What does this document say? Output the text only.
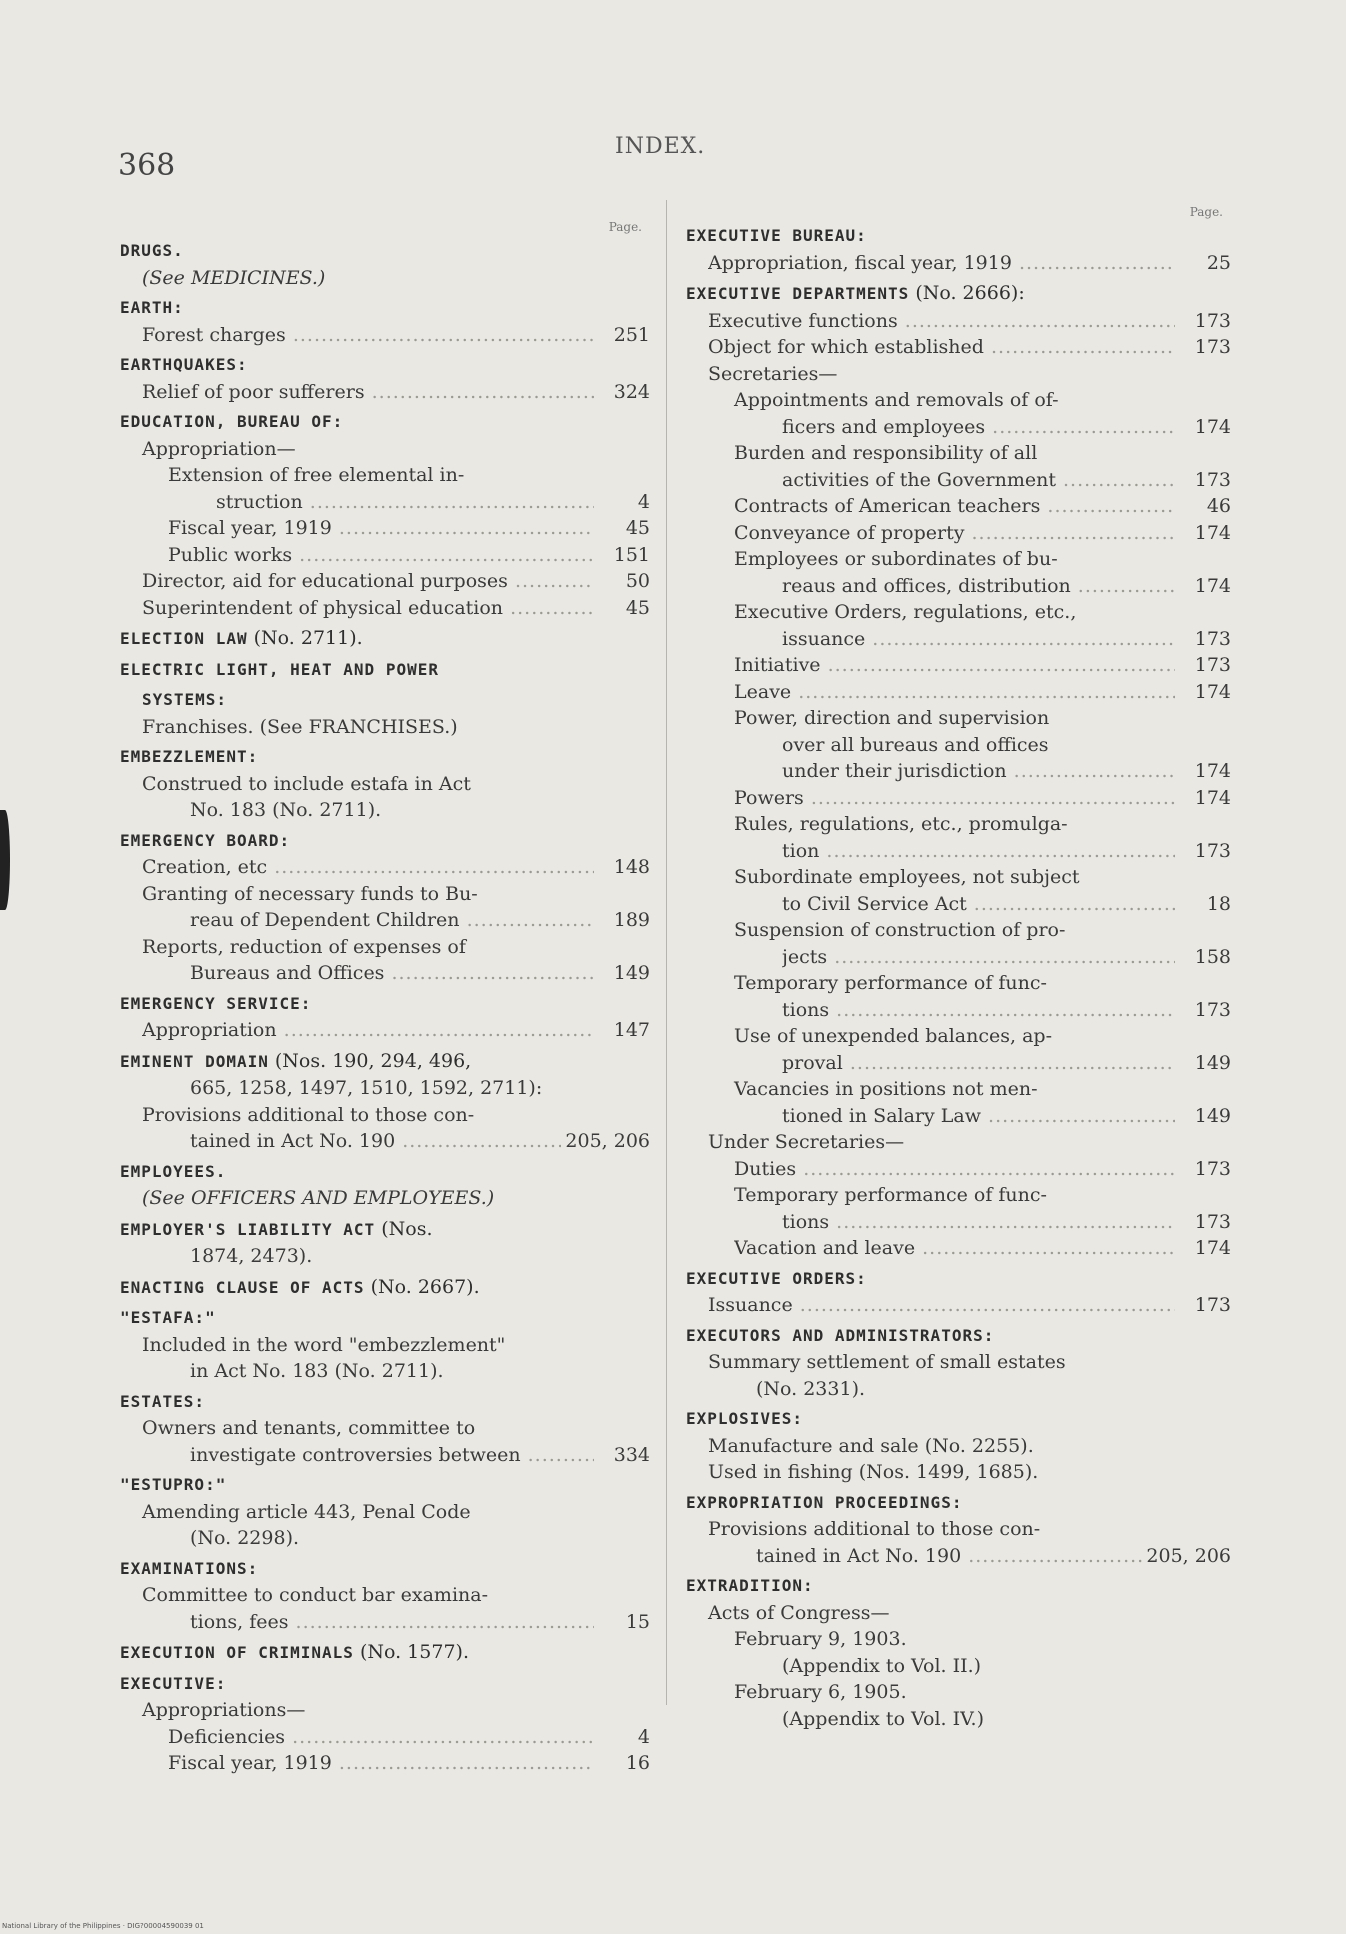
368
INDEX.
Page.
DRUGS.
(See MEDICINES.)
EARTH:
Forest charges .....	251
EARTHQUAKES:
Relief of poor sufferers .....	324
EDUCATION, BUREAU OF:
Appropriation—
Extension of free elemental in-
struction .....	4
Fiscal year, 1919 .....	45
Public works .....	151
Director, aid for educational purposes .....	50
Superintendent of physical education .....	45
ELECTION LAW (No. 2711).
ELECTRIC LIGHT, HEAT AND POWER
SYSTEMS:
Franchises. (See FRANCHISES.)
EMBEZZLEMENT:
Construed to include estafa in Act
No. 183 (No. 2711).
EMERGENCY BOARD:
Creation, etc .....	148
Granting of necessary funds to Bu-
reau of Dependent Children .....	189
Reports, reduction of expenses of
Bureaus and Offices .....	149
EMERGENCY SERVICE:
Appropriation .....	147
EMINENT DOMAIN (Nos. 190, 294, 496,
665, 1258, 1497, 1510, 1592, 2711):
Provisions additional to those con-
tained in Act No. 190 .....	205, 206
EMPLOYEES.
(See OFFICERS AND EMPLOYEES.)
EMPLOYER'S LIABILITY ACT (Nos.
1874, 2473).
ENACTING CLAUSE OF ACTS (No. 2667).
"ESTAFA:"
Included in the word "embezzlement"
in Act No. 183 (No. 2711).
ESTATES:
Owners and tenants, committee to
investigate controversies between .....	334
"ESTUPRO:"
Amending article 443, Penal Code
(No. 2298).
EXAMINATIONS:
Committee to conduct bar examina-
tions, fees .....	15
EXECUTION OF CRIMINALS (No. 1577).
EXECUTIVE:
Appropriations—
Deficiencies .....	4
Fiscal year, 1919 .....	16
Page.
EXECUTIVE BUREAU:
Appropriation, fiscal year, 1919 .....	25
EXECUTIVE DEPARTMENTS (No. 2666):
Executive functions .....	173
Object for which established .....	173
Secretaries—
Appointments and removals of of-
ficers and employees .....	174
Burden and responsibility of all
activities of the Government .....	173
Contracts of American teachers .....	46
Conveyance of property .....	174
Employees or subordinates of bu-
reaus and offices, distribution .....	174
Executive Orders, regulations, etc.,
issuance .....	173
Initiative .....	173
Leave .....	174
Power, direction and supervision
over all bureaus and offices
under their jurisdiction .....	174
Powers .....	174
Rules, regulations, etc., promulga-
tion .....	173
Subordinate employees, not subject
to Civil Service Act .....	18
Suspension of construction of pro-
jects .....	158
Temporary performance of func-
tions .....	173
Use of unexpended balances, ap-
proval .....	149
Vacancies in positions not men-
tioned in Salary Law .....	149
Under Secretaries—
Duties .....	173
Temporary performance of func-
tions .....	173
Vacation and leave .....	174
EXECUTIVE ORDERS:
Issuance .....	173
EXECUTORS AND ADMINISTRATORS:
Summary settlement of small estates
(No. 2331).
EXPLOSIVES:
Manufacture and sale (No. 2255).
Used in fishing (Nos. 1499, 1685).
EXPROPRIATION PROCEEDINGS:
Provisions additional to those con-
tained in Act No. 190 .....	205, 206
EXTRADITION:
Acts of Congress—
February 9, 1903.
(Appendix to Vol. II.)
February 6, 1905.
(Appendix to Vol. IV.)
National Library of the Philippines · DIG?00004590039 01
